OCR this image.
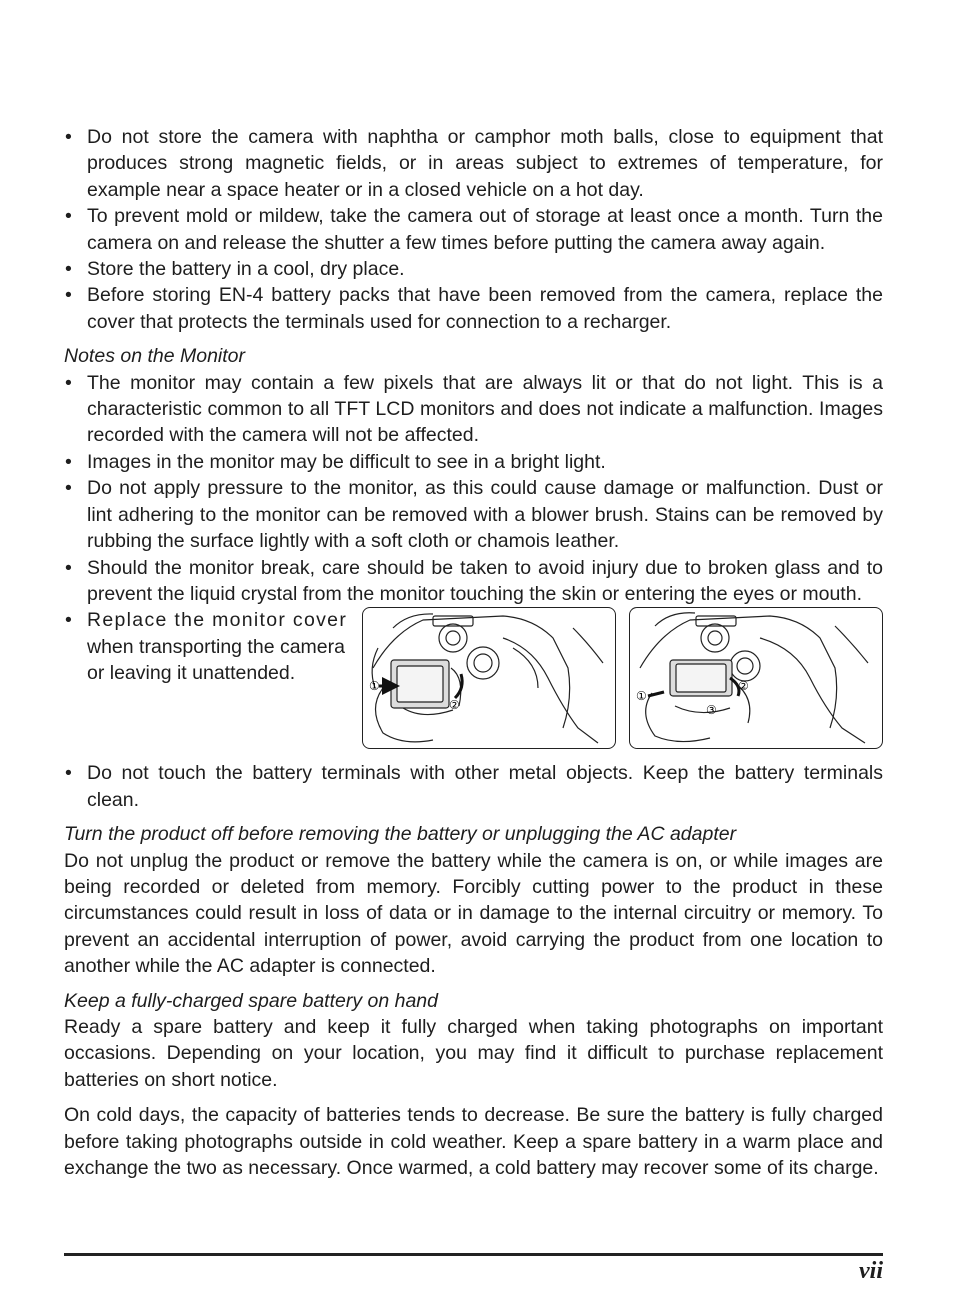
• Do not store the camera with naphtha or camphor moth balls, close to equipment that produces strong magnetic fields, or in areas subject to extremes of temperature, for example near a space heater or in a closed vehicle on a hot day.
• To prevent mold or mildew, take the camera out of storage at least once a month. Turn the camera on and release the shutter a few times before putting the camera away again.
• Store the battery in a cool, dry place.
• Before storing EN-4 battery packs that have been removed from the camera, replace the cover that protects the terminals used for connection to a recharger.
Notes on the Monitor
• The monitor may contain a few pixels that are always lit or that do not light. This is a characteristic common to all TFT LCD monitors and does not indicate a malfunction. Images recorded with the camera will not be affected.
• Images in the monitor may be difficult to see in a bright light.
• Do not apply pressure to the monitor, as this could cause damage or malfunction. Dust or lint adhering to the monitor can be removed with a blower brush. Stains can be removed by rubbing the surface lightly with a soft cloth or chamois leather.
• Should the monitor break, care should be taken to avoid injury due to broken glass and to prevent the liquid crystal from the monitor touching the skin or entering the eyes or mouth.
• Replace the monitor cover when transporting the camera or leaving it unattended.
①
②
①
②
③
• Do not touch the battery terminals with other metal objects. Keep the battery terminals clean.
Turn the product off before removing the battery or unplugging the AC adapter

Do not unplug the product or remove the battery while the camera is on, or while images are being recorded or deleted from memory. Forcibly cutting power to the product in these circumstances could result in loss of data or in damage to the internal circuitry or memory. To prevent an accidental interruption of power, avoid carrying the product from one location to another while the AC adapter is connected.

Keep a fully-charged spare battery on hand

Ready a spare battery and keep it fully charged when taking photographs on important occasions. Depending on your location, you may find it difficult to purchase replacement batteries on short notice.

On cold days, the capacity of batteries tends to decrease. Be sure the battery is fully charged before taking photographs outside in cold weather. Keep a spare battery in a warm place and exchange the two as necessary. Once warmed, a cold battery may recover some of its charge.

vii
